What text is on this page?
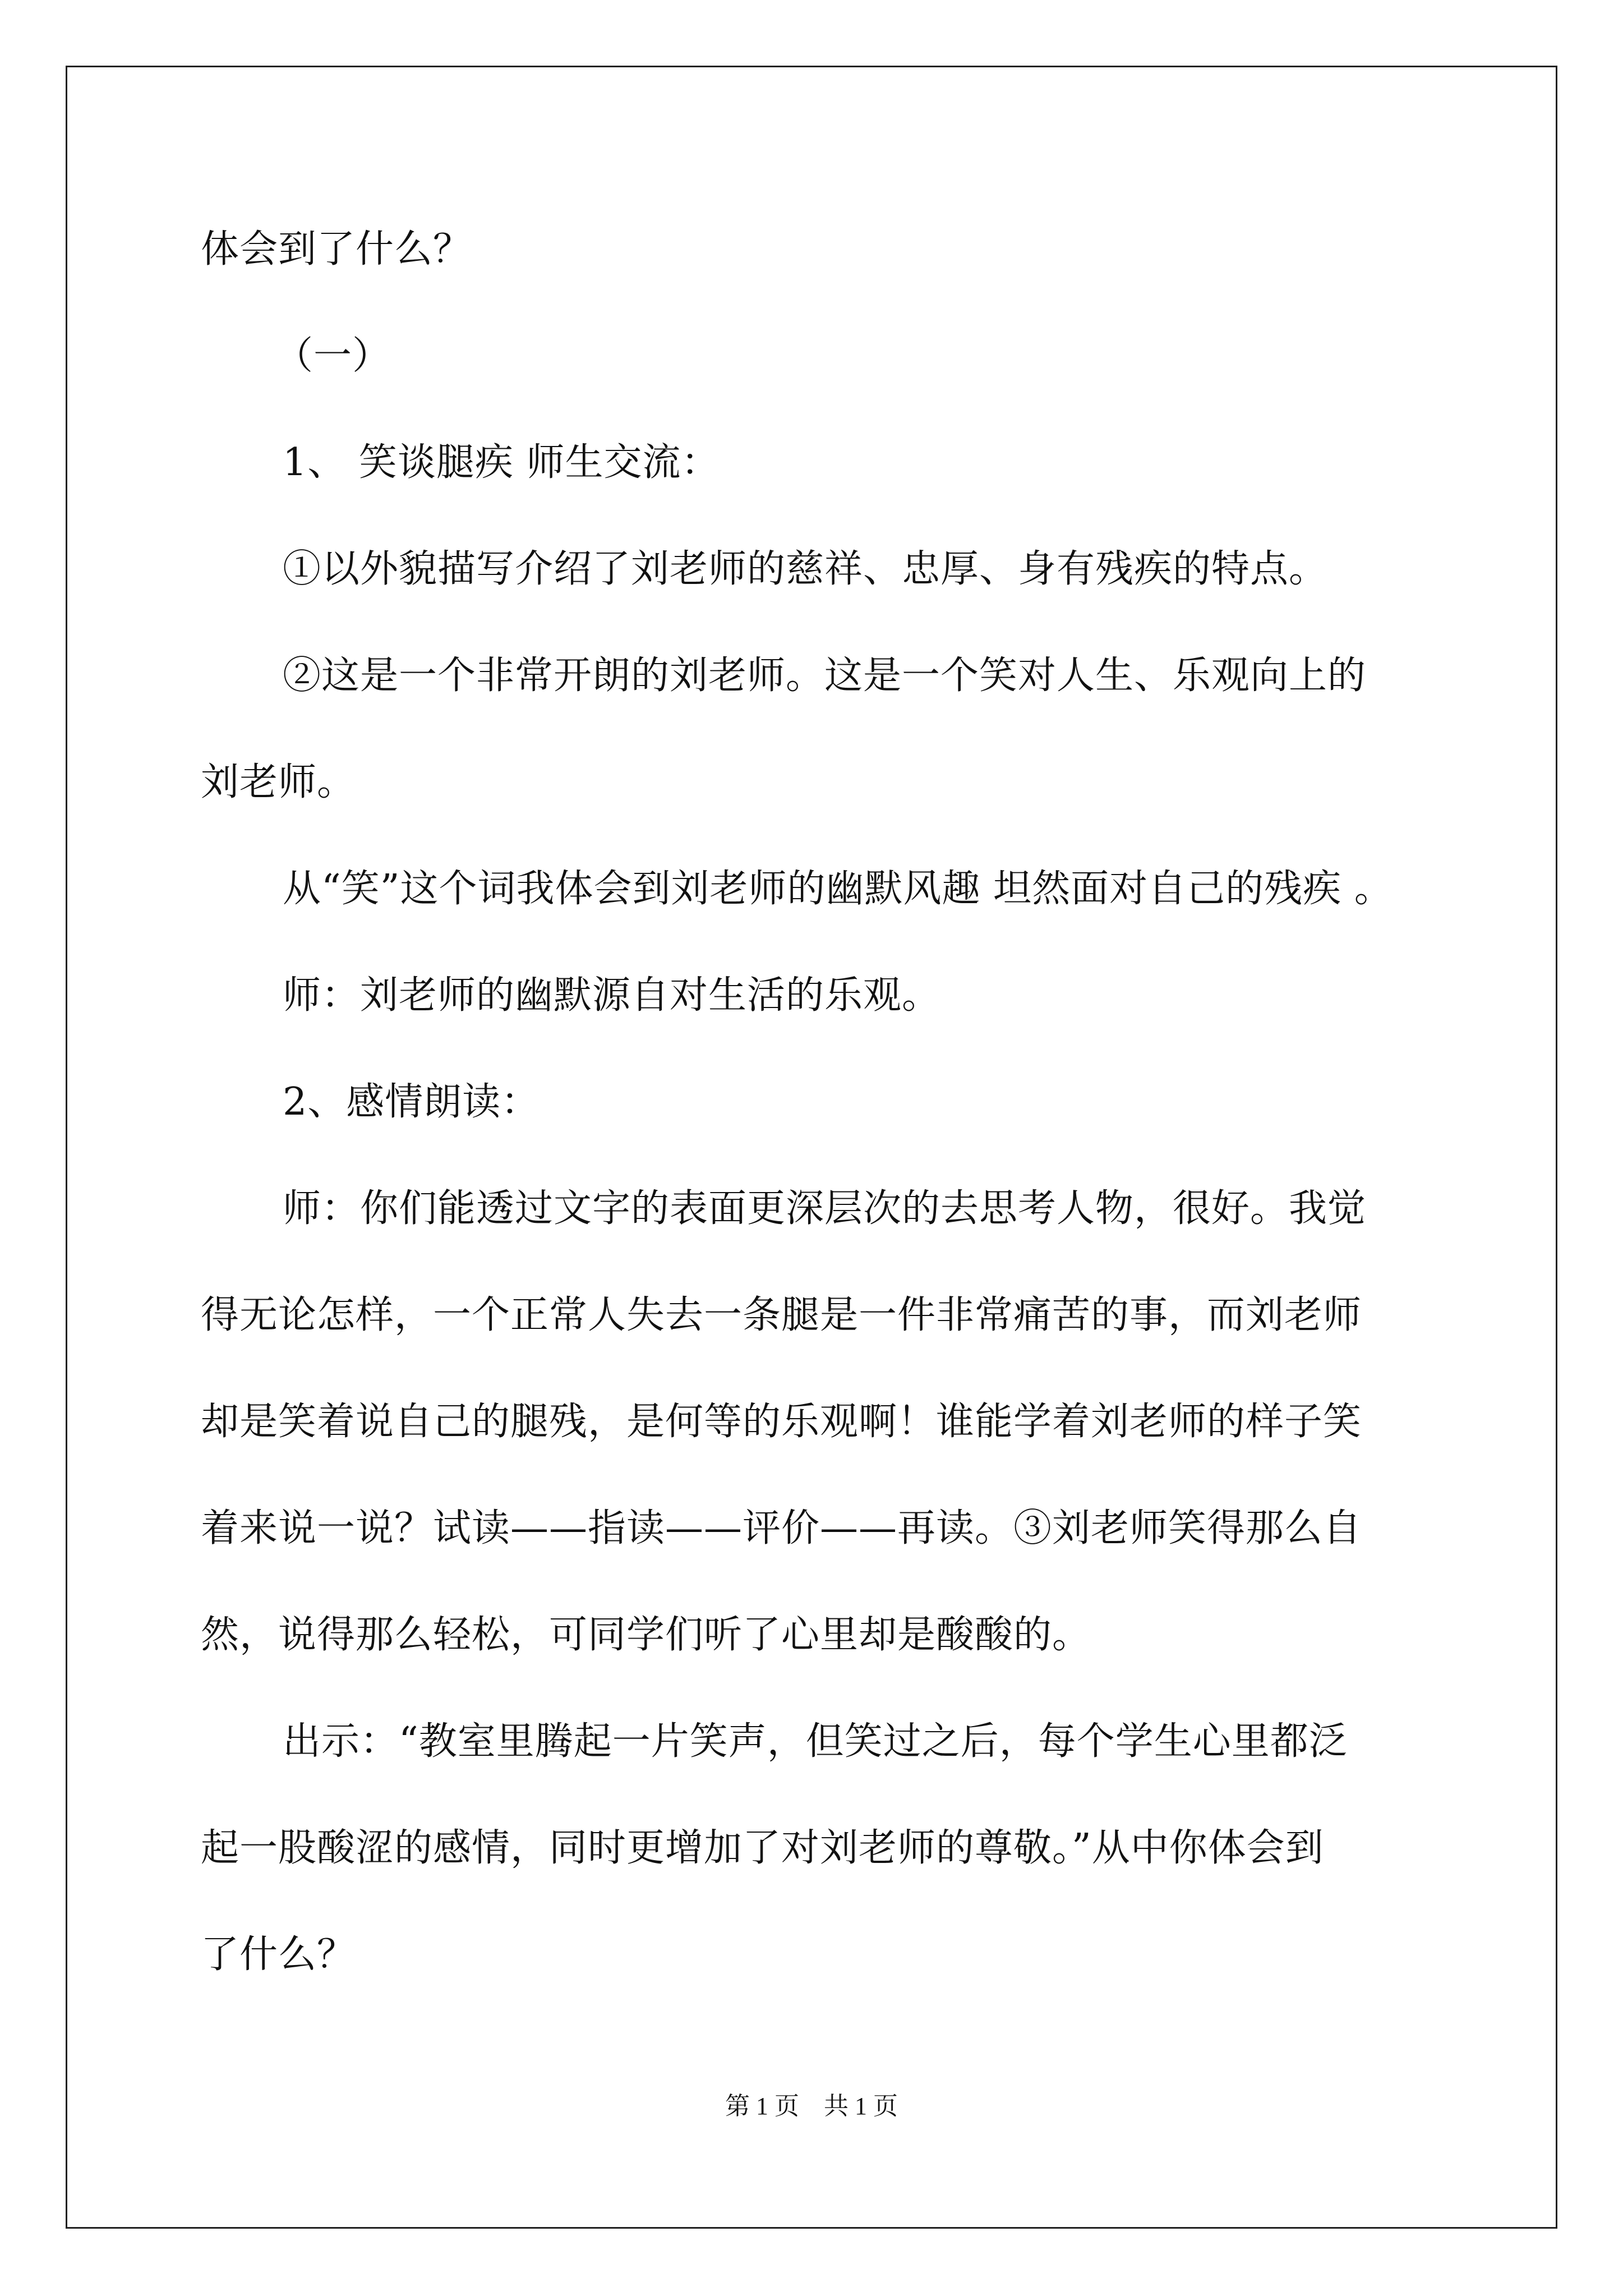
体会到了什么？
（一）
1、 笑谈腿疾 师生交流：
①以外貌描写介绍了刘老师的慈祥、忠厚、身有残疾的特点。
②这是一个非常开朗的刘老师。这是一个笑对人生、乐观向上的
刘老师。
从“笑”这个词我体会到刘老师的幽默风趣 坦然面对自己的残疾 。
师：刘老师的幽默源自对生活的乐观。
2、感情朗读：
师：你们能透过文字的表面更深层次的去思考人物，很好。我觉
得无论怎样，一个正常人失去一条腿是一件非常痛苦的事，而刘老师
却是笑着说自己的腿残，是何等的乐观啊！谁能学着刘老师的样子笑
着来说一说？试读——指读——评价——再读。③刘老师笑得那么自
然，说得那么轻松，可同学们听了心里却是酸酸的。
出示：“教室里腾起一片笑声，但笑过之后，每个学生心里都泛
起一股酸涩的感情，同时更增加了对刘老师的尊敬。”从中你体会到
了什么？
第 1 页　共 1 页
